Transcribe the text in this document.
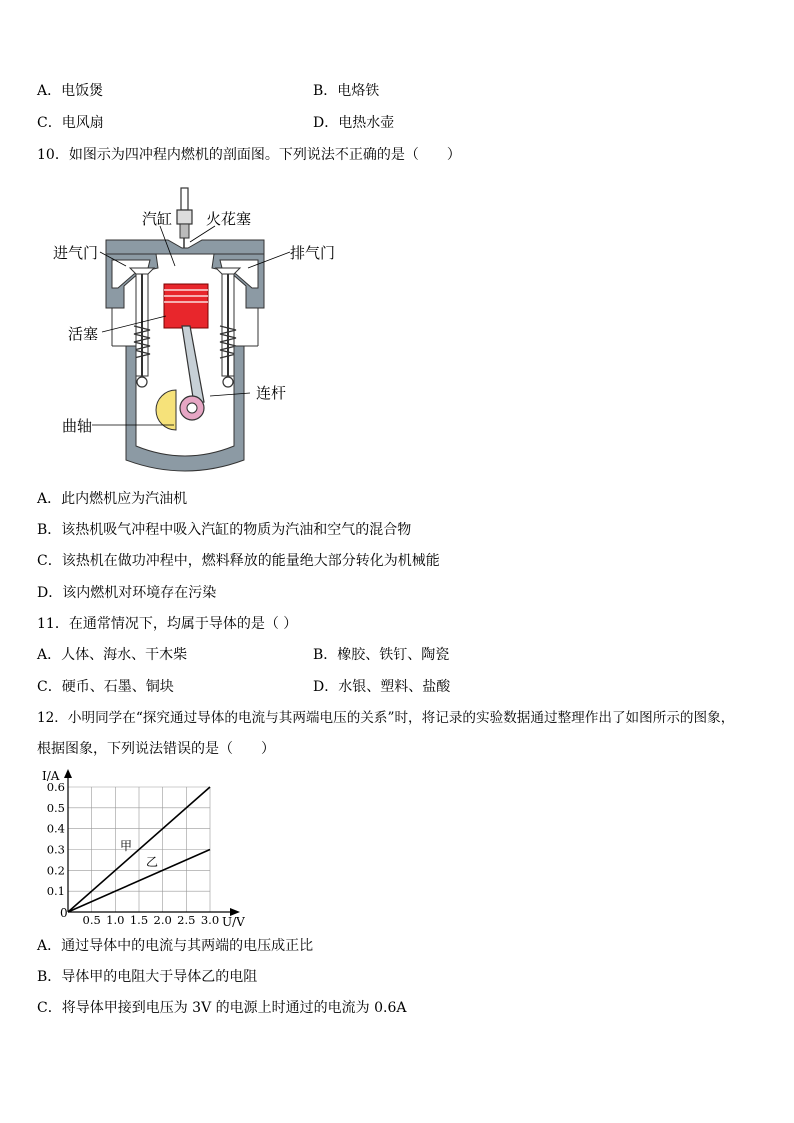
A．电饭煲	B．电烙铁
C．电风扇	D．电热水壶
10．如图示为四冲程内燃机的剖面图。下列说法不正确的是（　　）
汽缸 火花塞
进气门	排气门
活塞
连杆
曲轴
A．此内燃机应为汽油机
B．该热机吸气冲程中吸入汽缸的物质为汽油和空气的混合物
C．该热机在做功冲程中，燃料释放的能量绝大部分转化为机械能
D．该内燃机对环境存在污染
11．在通常情况下，均属于导体的是（ ）
A．人体、海水、干木柴	B．橡胶、铁钉、陶瓷
C．硬币、石墨、铜块	D．水银、塑料、盐酸
12．小明同学在“探究通过导体的电流与其两端电压的关系”时，将记录的实验数据通过整理作出了如图所示的图象，
根据图象，下列说法错误的是（　　）
0.5 1.0 1.5 2.0 2.5 3.0
0.1
0.2
0.3
0.4
0.5
0.6
I/A
U/V
0
甲
乙
A．通过导体中的电流与其两端的电压成正比
B．导体甲的电阻大于导体乙的电阻
C．将导体甲接到电压为 3V 的电源上时通过的电流为 0.6A
